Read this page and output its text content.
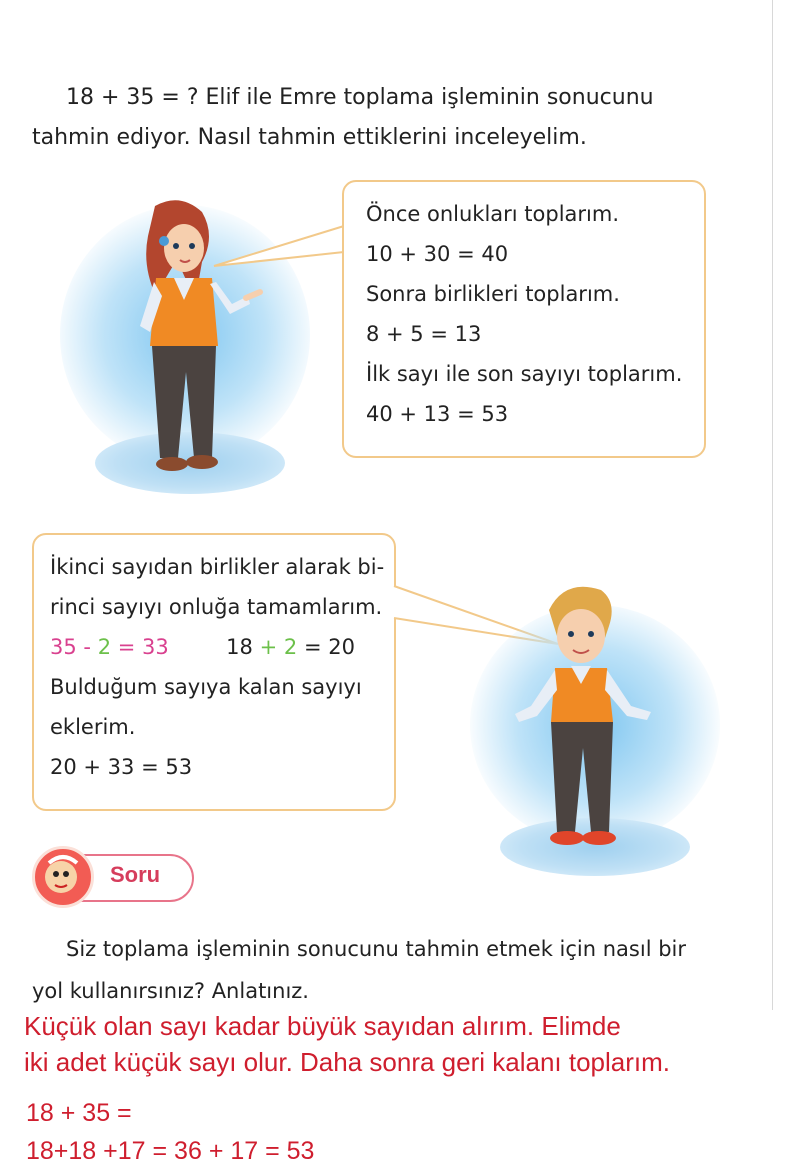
18 + 35 = ? Elif ile Emre toplama işleminin sonucunu
tahmin ediyor. Nasıl tahmin ettiklerini inceleyelim.
Önce onlukları toplarım.
10 + 30 = 40
Sonra birlikleri toplarım.
8 + 5 = 13
İlk sayı ile son sayıyı toplarım.
40 + 13 = 53
İkinci sayıdan birlikler alarak bi-
rinci sayıyı onluğa tamamlarım.
35 - 2 = 33	18 + 2 = 20
Bulduğum sayıya kalan sayıyı
eklerim.
20 + 33 = 53
Soru
Siz toplama işleminin sonucunu tahmin etmek için nasıl bir
yol kullanırsınız? Anlatınız.
Küçük olan sayı kadar büyük sayıdan alırım. Elimde
iki adet küçük sayı olur. Daha sonra geri kalanı toplarım.
18 + 35 =
18+18 +17 = 36 + 17 = 53
